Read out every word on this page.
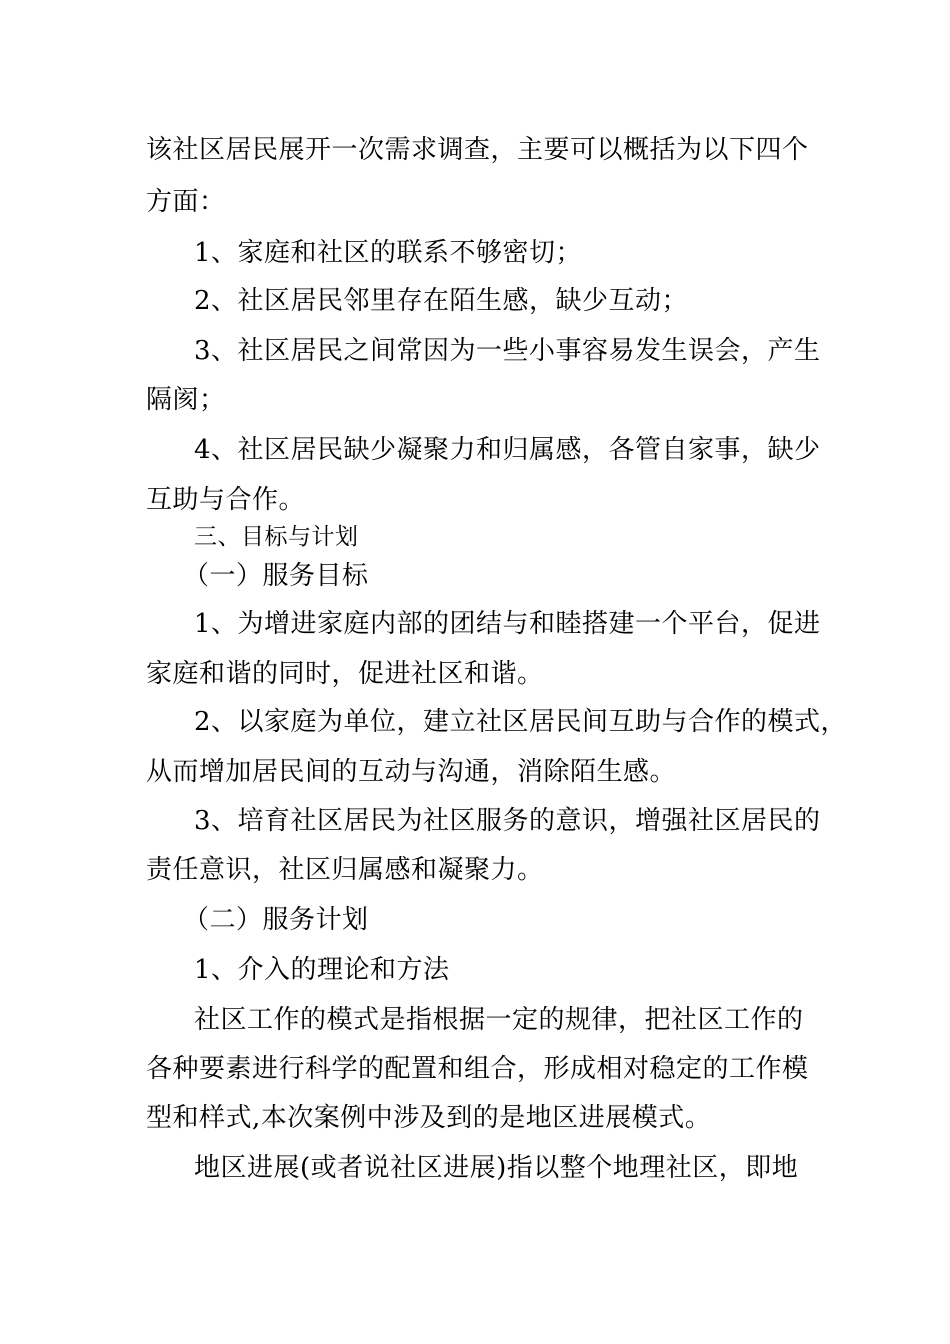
该社区居民展开一次需求调查，主要可以概括为以下四个
方面：
1、家庭和社区的联系不够密切；
2、社区居民邻里存在陌生感，缺少互动；
3、社区居民之间常因为一些小事容易发生误会，产生
隔阂；
4、社区居民缺少凝聚力和归属感，各管自家事，缺少
互助与合作。
三、目标与计划
（一）服务目标
1、为增进家庭内部的团结与和睦搭建一个平台，促进
家庭和谐的同时，促进社区和谐。
2、以家庭为单位，建立社区居民间互助与合作的模式，
从而增加居民间的互动与沟通，消除陌生感。
3、培育社区居民为社区服务的意识，增强社区居民的
责任意识，社区归属感和凝聚力。
（二）服务计划
1、介入的理论和方法
社区工作的模式是指根据一定的规律，把社区工作的
各种要素进行科学的配置和组合，形成相对稳定的工作模
型和样式,本次案例中涉及到的是地区进展模式。
地区进展(或者说社区进展)指以整个地理社区，即地
